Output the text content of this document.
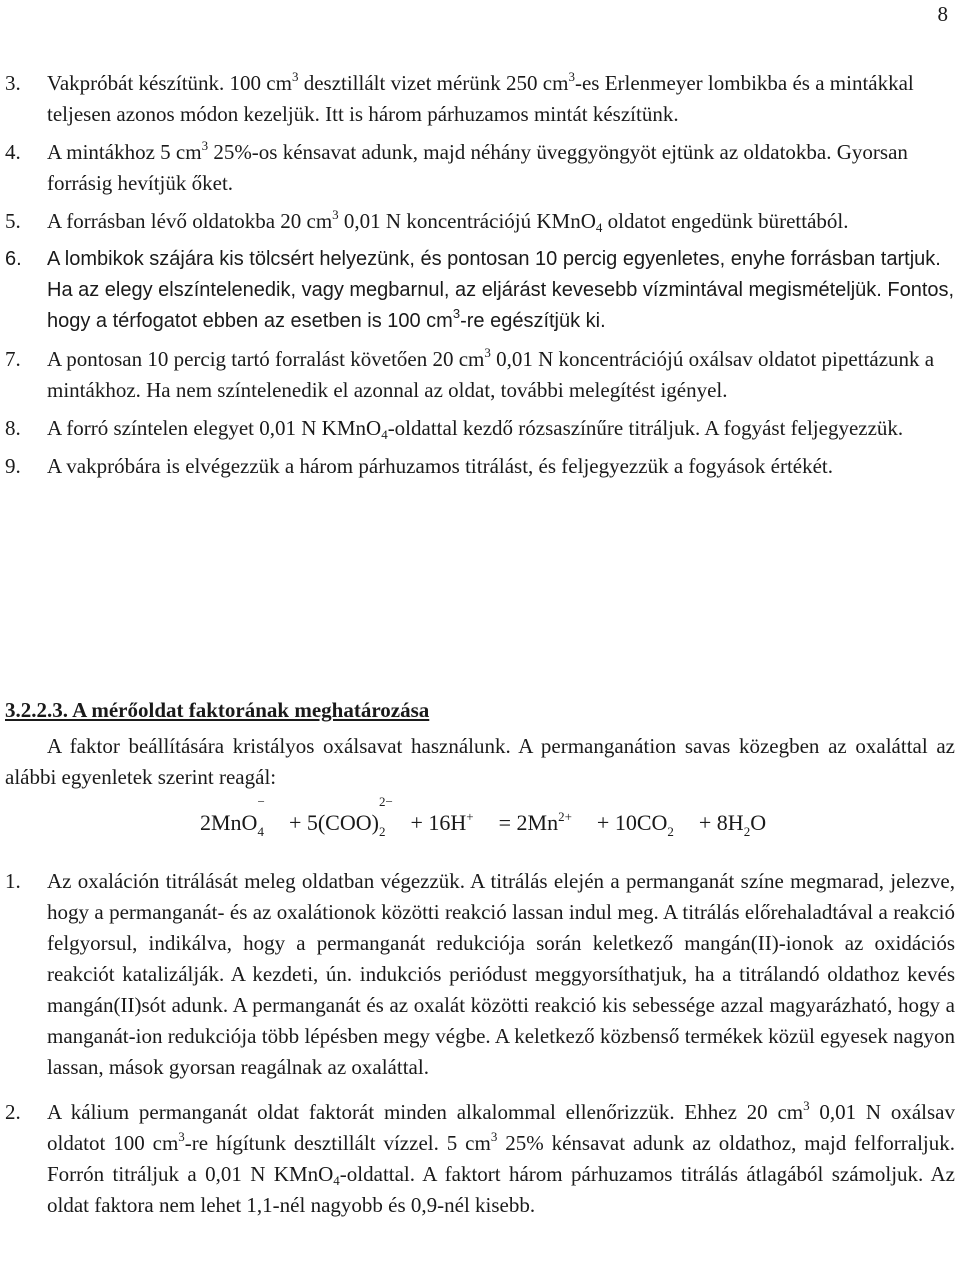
8
3. Vakpróbát készítünk. 100 $cm^3$ desztillált vizet mérünk 250 $cm^3-es$ Erlenmeyer lombikba és a mintákkal teljesen azonos módon kezeljük. Itt is három párhuzamos mintát készítünk.
4. A mintákhoz 5 $cm^3$ 25%-os kénsavat adunk, majd néhány üveggyöngyöt ejtünk az oldatokba. Gyorsan forrásig hevítjük őket.
5. A forrásban lévő oldatokba 20 $cm^3$ 0,01 N koncentrációjú KMnO$_4$ oldatot engedünk bürettából.
6. A lombikok szájára kis tölcsért helyezünk, és pontosan 10 percig egyenletes, enyhe forrásban tartjuk. Ha az elegy elszíntelenedik, vagy megbarnul, az eljárást kevesebb vízmintával megismételjük. Fontos, hogy a térfogatot ebben az esetben is 100 $cm^3-re$ egészítjük ki.
7. A pontosan 10 percig tartó forralást követően 20 $cm^3$ 0,01 N koncentrációjú oxálsav oldatot pipettázunk a mintákhoz. Ha nem színtelenedik el azonnal az oldat, további melegítést igényel.
8. A forró színtelen elegyet 0,01 N KMnO$_4$-oldattal kezdő rózsaszínűre titráljuk. A fogyást feljegyezzük.
9. A vakpróbára is elvégezzük a három párhuzamos titrálást, és feljegyezzük a fogyások értékét.
3.2.2.3. A mérőoldat faktorának meghatározása
A faktor beállítására kristályos oxálsavat használunk. A permanganátion savas közegben az oxaláttal az alábbi egyenletek szerint reagál:
2MnO
−
$_4$ + 5(COO)
2−
$_2 + 16H^+ = 2Mn^{2+} + 10CO_2 + 8H_2O$
1. Az oxaláción titrálását meleg oldatban végezzük. A titrálás elején a permanganát színe megmarad, jelezve, hogy a permanganát- és az oxalátionok közötti reakció lassan indul meg. A titrálás előrehaladtával a reakció felgyorsul, indikálva, hogy a permanganát redukciója során keletkező mangán(II)-ionok az oxidációs reakciót katalizálják. A kezdeti, ún. indukciós periódust meggyorsíthatjuk, ha a titrálandó oldathoz kevés mangán(II)sót adunk. A permanganát és az oxalát közötti reakció kis sebessége azzal magyarázható, hogy a manganát-ion redukciója több lépésben megy végbe. A keletkező közbenső termékek közül egyesek nagyon lassan, mások gyorsan reagálnak az oxaláttal.
2. A kálium permanganát oldat faktorát minden alkalommal ellenőrizzük. Ehhez 20 $cm^3$ 0,01 N oxálsav oldatot 100 $cm^3-re$ hígítunk desztillált vízzel. 5 $cm^3$ 25% kénsavat adunk az oldathoz, majd felforraljuk. Forrón titráljuk a 0,01 N KMnO$_4$-oldattal. A faktort három párhuzamos titrálás átlagából számoljuk. Az oldat faktora nem lehet 1,1-nél nagyobb és 0,9-nél kisebb.
